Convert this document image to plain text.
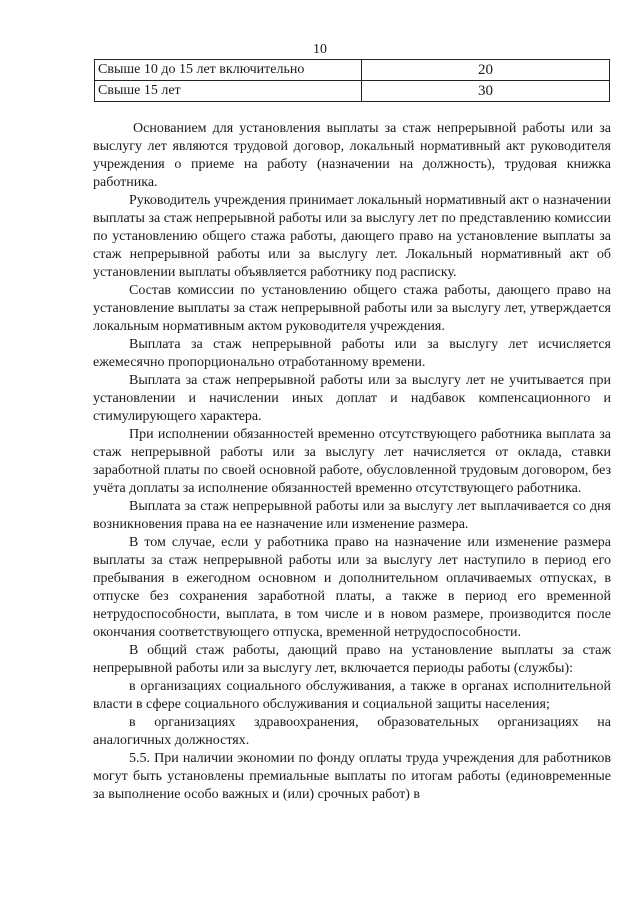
10
Свыше 10 до 15 лет включительно	20
Свыше 15 лет	30

Основанием для установления выплаты за стаж непрерывной работы или за выслугу лет являются трудовой договор, локальный нормативный акт руководителя учреждения о приеме на работу (назначении на должность), трудовая книжка работника.

Руководитель учреждения принимает локальный нормативный акт о назначении выплаты за стаж непрерывной работы или за выслугу лет по представлению комиссии по установлению общего стажа работы, дающего право на установление выплаты за стаж непрерывной работы или за выслугу лет. Локальный нормативный акт об установлении выплаты объявляется работнику под расписку.

Состав комиссии по установлению общего стажа работы, дающего право на установление выплаты за стаж непрерывной работы или за выслугу лет, утверждается локальным нормативным актом руководителя учреждения.

Выплата за стаж непрерывной работы или за выслугу лет исчисляется ежемесячно пропорционально отработанному времени.

Выплата за стаж непрерывной работы или за выслугу лет не учитывается при установлении и начислении иных доплат и надбавок компенсационного и стимулирующего характера.

При исполнении обязанностей временно отсутствующего работника выплата за стаж непрерывной работы или за выслугу лет начисляется от оклада, ставки заработной платы по своей основной работе, обусловленной трудовым договором, без учёта доплаты за исполнение обязанностей временно отсутствующего работника.

Выплата за стаж непрерывной работы или за выслугу лет выплачивается со дня возникновения права на ее назначение или изменение размера.

В том случае, если у работника право на назначение или изменение размера выплаты за стаж непрерывной работы или за выслугу лет наступило в период его пребывания в ежегодном основном и дополнительном оплачиваемых отпусках, в отпуске без сохранения заработной платы, а также в период его временной нетрудоспособности, выплата, в том числе и в новом размере, производится после окончания соответствующего отпуска, временной нетрудоспособности.

В общий стаж работы, дающий право на установление выплаты за стаж непрерывной работы или за выслугу лет, включается периоды работы (службы):

в организациях социального обслуживания, а также в органах исполнительной власти в сфере социального обслуживания и социальной защиты населения;

в организациях здравоохранения, образовательных организациях на аналогичных должностях.

5.5. При наличии экономии по фонду оплаты труда учреждения для работников могут быть установлены премиальные выплаты по итогам работы (единовременные за выполнение особо важных и (или) срочных работ) в
